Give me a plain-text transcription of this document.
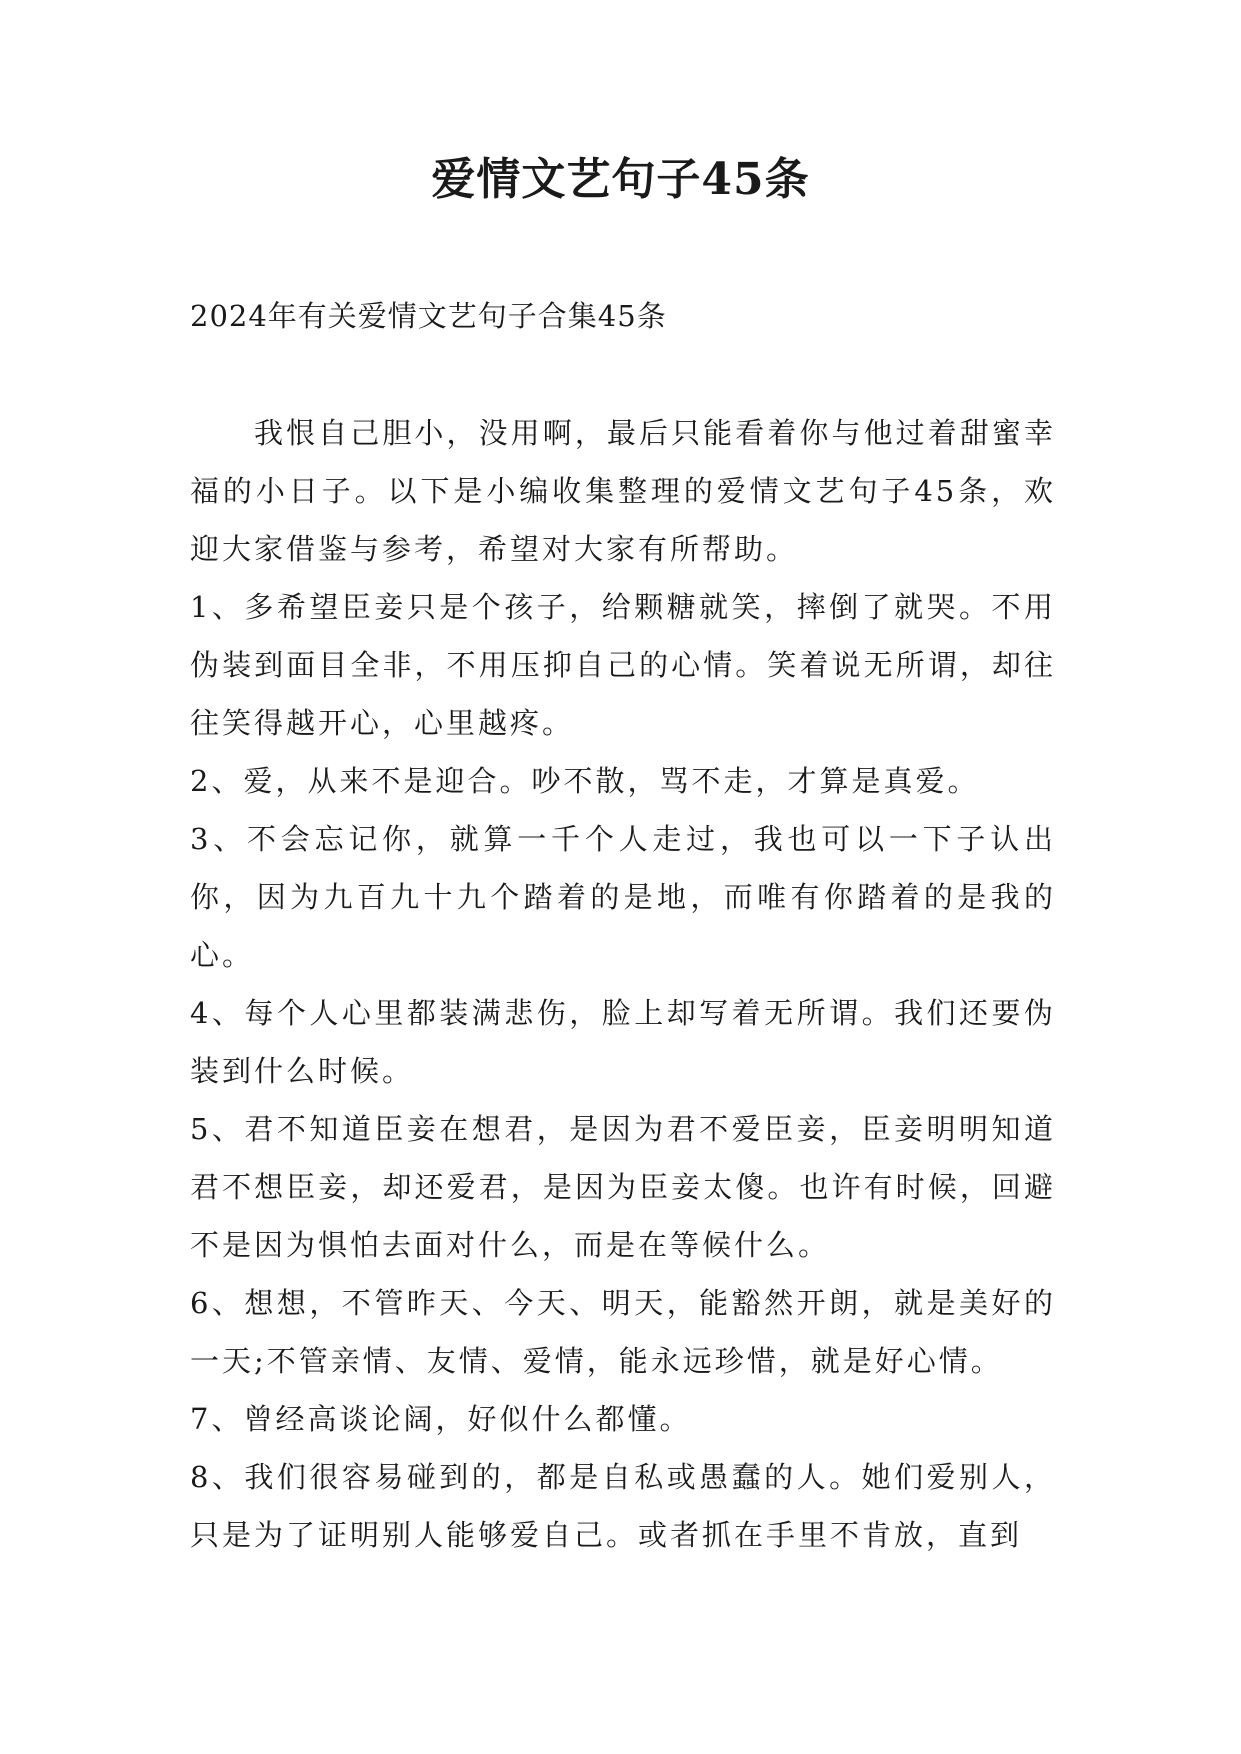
爱情文艺句子45条

2024年有关爱情文艺句子合集45条

我恨自己胆小，没用啊，最后只能看着你与他过着甜蜜幸福的小日子。以下是小编收集整理的爱情文艺句子45条，欢迎大家借鉴与参考，希望对大家有所帮助。

1、多希望臣妾只是个孩子，给颗糖就笑，摔倒了就哭。不用伪装到面目全非，不用压抑自己的心情。笑着说无所谓，却往往笑得越开心，心里越疼。

2、爱，从来不是迎合。吵不散，骂不走，才算是真爱。

3、不会忘记你，就算一千个人走过，我也可以一下子认出你，因为九百九十九个踏着的是地，而唯有你踏着的是我的心。

4、每个人心里都装满悲伤，脸上却写着无所谓。我们还要伪装到什么时候。

5、君不知道臣妾在想君，是因为君不爱臣妾，臣妾明明知道君不想臣妾，却还爱君，是因为臣妾太傻。也许有时候，回避不是因为惧怕去面对什么，而是在等候什么。

6、想想，不管昨天、今天、明天，能豁然开朗，就是美好的一天;不管亲情、友情、爱情，能永远珍惜，就是好心情。

7、曾经高谈论阔，好似什么都懂。

8、我们很容易碰到的，都是自私或愚蠢的人。她们爱别人，只是为了证明别人能够爱自己。或者抓在手里不肯放，直到
